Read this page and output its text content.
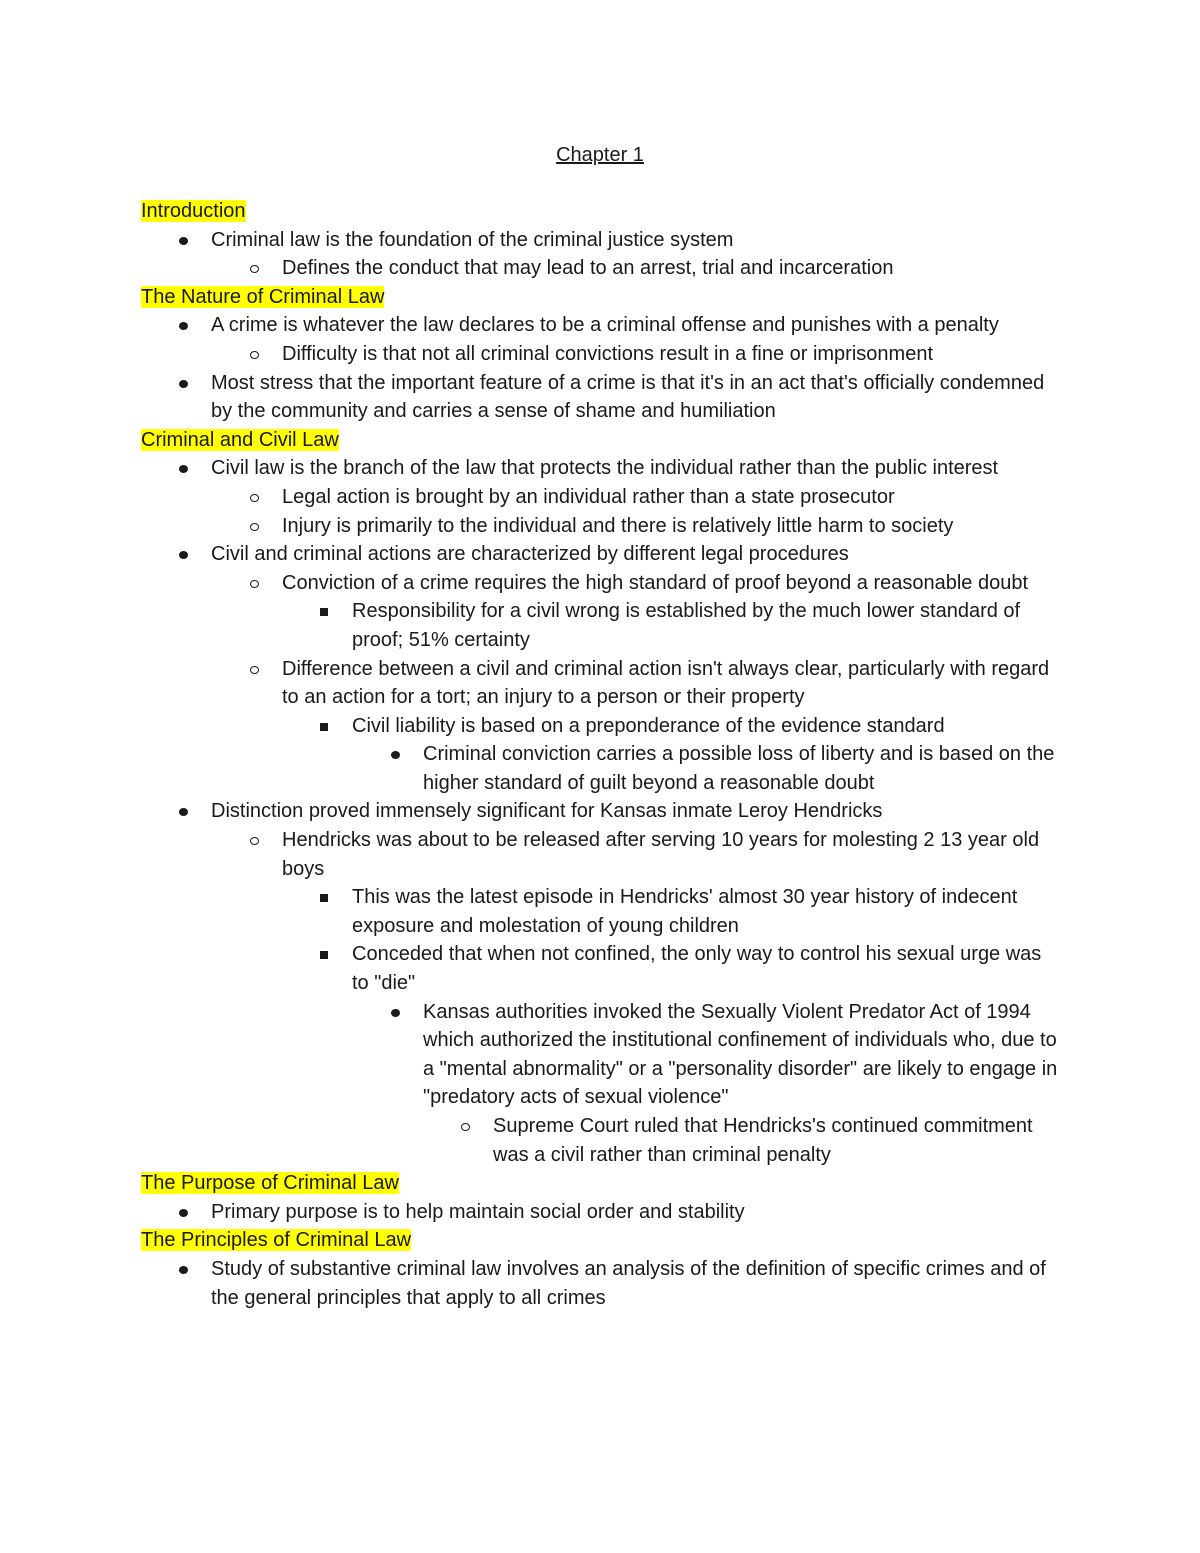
Chapter 1
Introduction
Criminal law is the foundation of the criminal justice system
Defines the conduct that may lead to an arrest, trial and incarceration
The Nature of Criminal Law
A crime is whatever the law declares to be a criminal offense and punishes with a penalty
Difficulty is that not all criminal convictions result in a fine or imprisonment
Most stress that the important feature of a crime is that it's in an act that's officially condemned by the community and carries a sense of shame and humiliation
Criminal and Civil Law
Civil law is the branch of the law that protects the individual rather than the public interest
Legal action is brought by an individual rather than a state prosecutor
Injury is primarily to the individual and there is relatively little harm to society
Civil and criminal actions are characterized by different legal procedures
Conviction of a crime requires the high standard of proof beyond a reasonable doubt
Responsibility for a civil wrong is established by the much lower standard of proof; 51% certainty
Difference between a civil and criminal action isn't always clear, particularly with regard to an action for a tort; an injury to a person or their property
Civil liability is based on a preponderance of the evidence standard
Criminal conviction carries a possible loss of liberty and is based on the higher standard of guilt beyond a reasonable doubt
Distinction proved immensely significant for Kansas inmate Leroy Hendricks
Hendricks was about to be released after serving 10 years for molesting 2 13 year old boys
This was the latest episode in Hendricks' almost 30 year history of indecent exposure and molestation of young children
Conceded that when not confined, the only way to control his sexual urge was to "die"
Kansas authorities invoked the Sexually Violent Predator Act of 1994 which authorized the institutional confinement of individuals who, due to a "mental abnormality" or a "personality disorder" are likely to engage in "predatory acts of sexual violence"
Supreme Court ruled that Hendricks's continued commitment was a civil rather than criminal penalty
The Purpose of Criminal Law
Primary purpose is to help maintain social order and stability
The Principles of Criminal Law
Study of substantive criminal law involves an analysis of the definition of specific crimes and of the general principles that apply to all crimes
